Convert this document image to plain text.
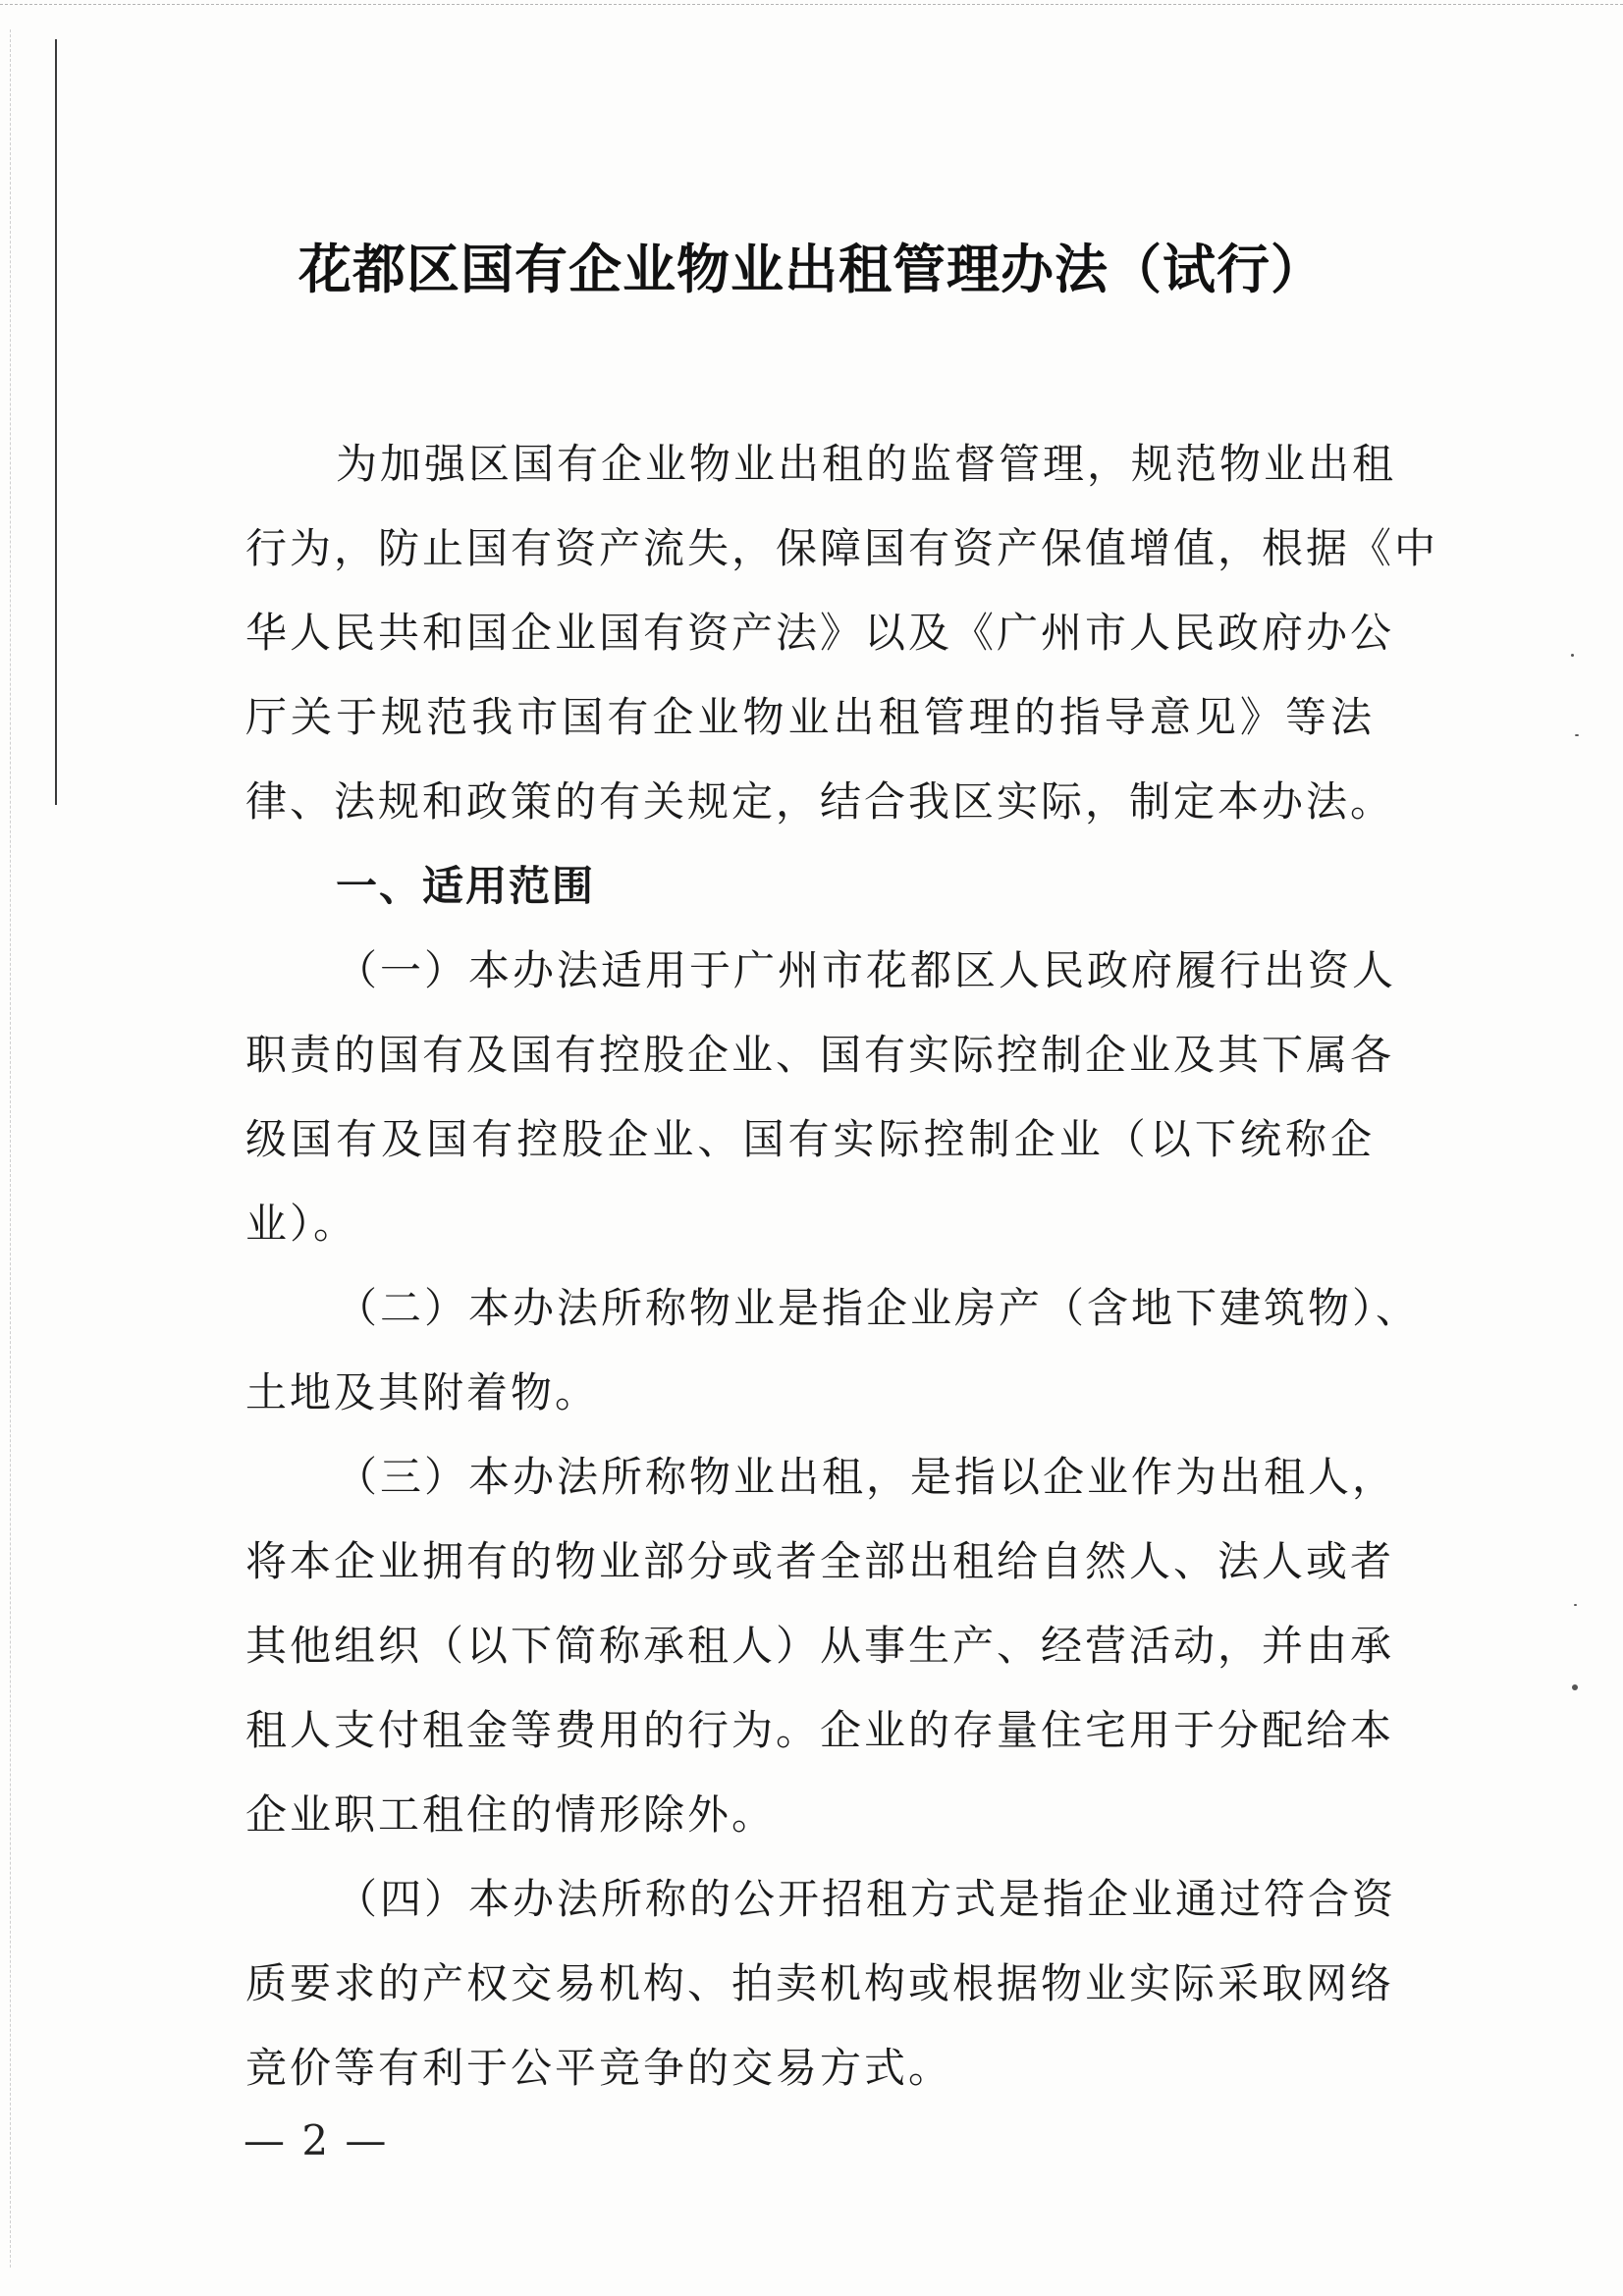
花都区国有企业物业出租管理办法（试行）
为加强区国有企业物业出租的监督管理，规范物业出租
行为，防止国有资产流失，保障国有资产保值增值，根据《中
华人民共和国企业国有资产法》以及《广州市人民政府办公
厅关于规范我市国有企业物业出租管理的指导意见》等法
律、法规和政策的有关规定，结合我区实际，制定本办法。
一、适用范围
（一）本办法适用于广州市花都区人民政府履行出资人
职责的国有及国有控股企业、国有实际控制企业及其下属各
级国有及国有控股企业、国有实际控制企业（以下统称企
业）。
（二）本办法所称物业是指企业房产（含地下建筑物）、
土地及其附着物。
（三）本办法所称物业出租，是指以企业作为出租人，
将本企业拥有的物业部分或者全部出租给自然人、法人或者
其他组织（以下简称承租人）从事生产、经营活动，并由承
租人支付租金等费用的行为。企业的存量住宅用于分配给本
企业职工租住的情形除外。
（四）本办法所称的公开招租方式是指企业通过符合资
质要求的产权交易机构、拍卖机构或根据物业实际采取网络
竞价等有利于公平竞争的交易方式。
— 2 —
